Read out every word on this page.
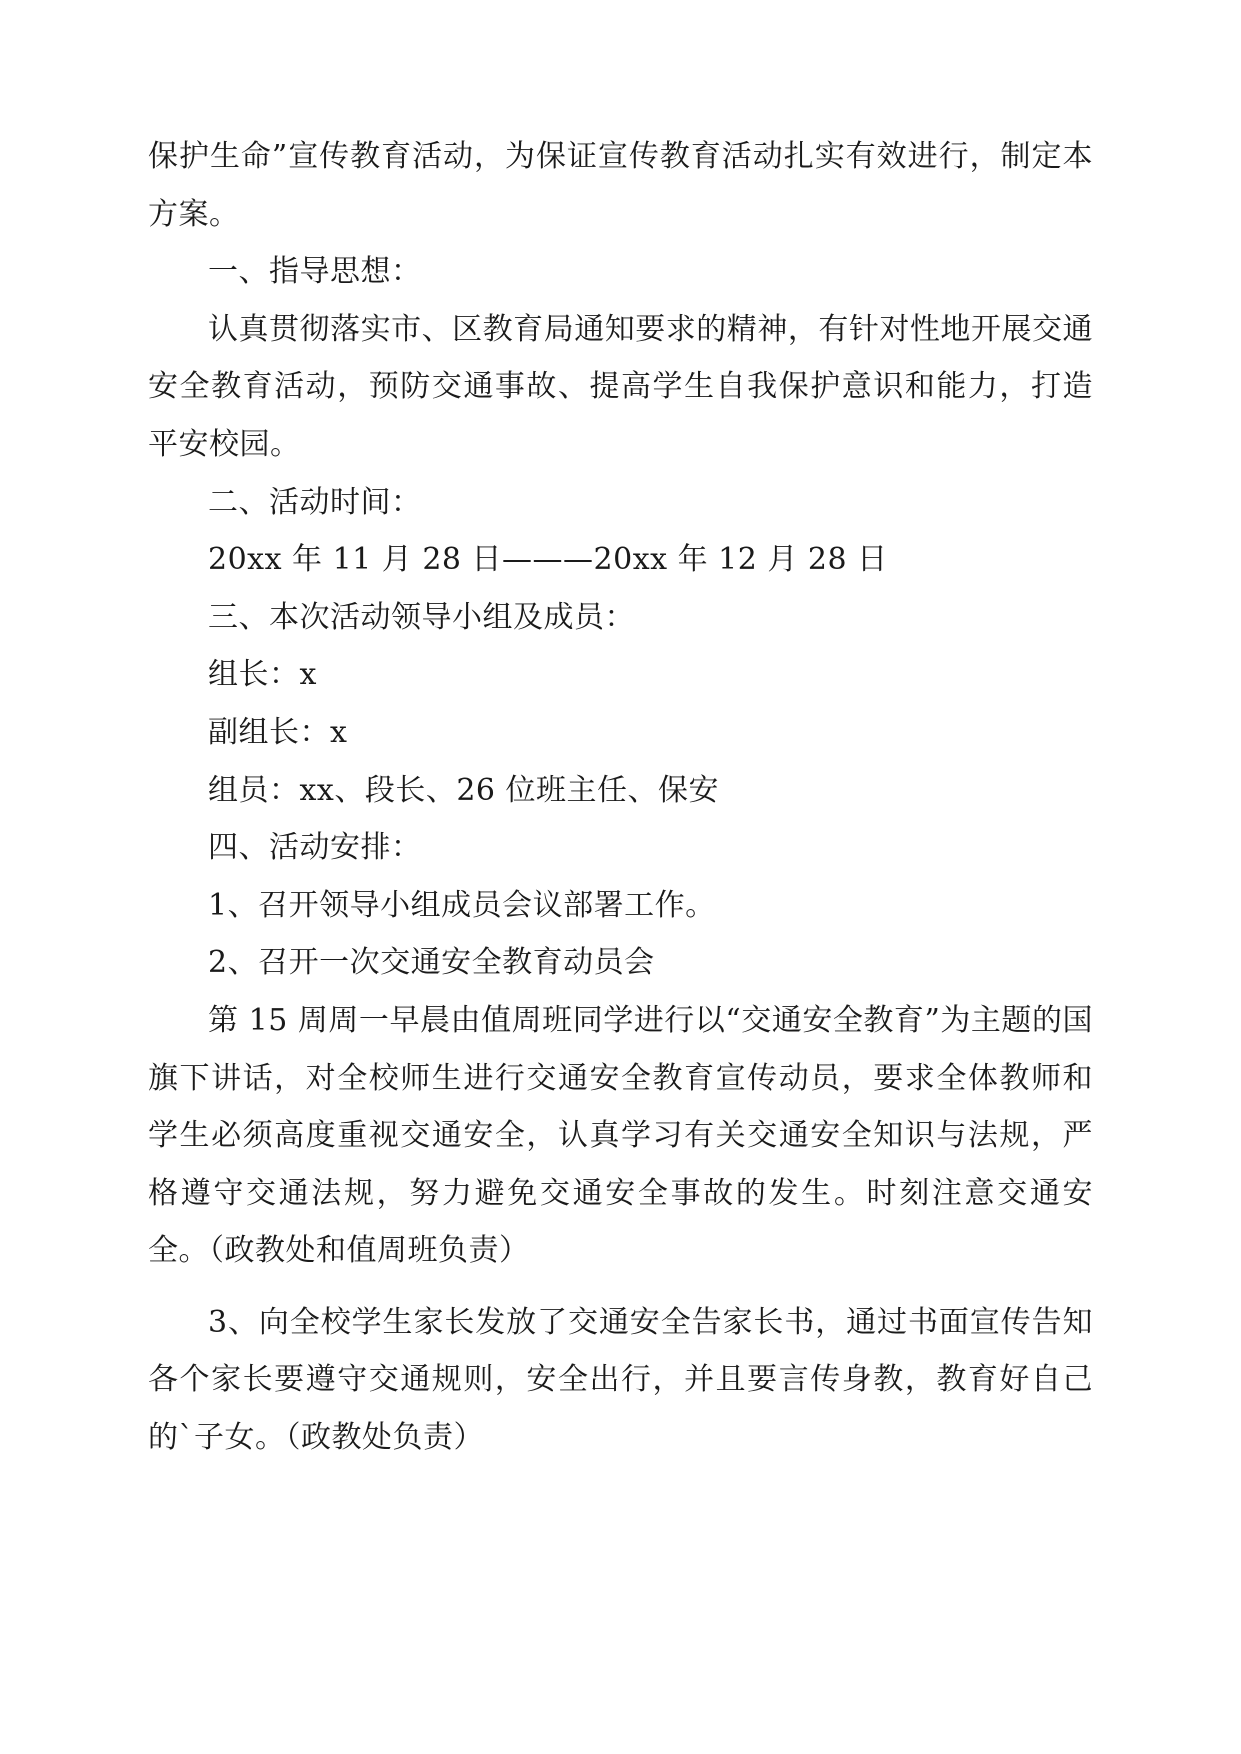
保护生命”宣传教育活动，为保证宣传教育活动扎实有效进行，制定本方案。

一、指导思想：

认真贯彻落实市、区教育局通知要求的精神，有针对性地开展交通安全教育活动，预防交通事故、提高学生自我保护意识和能力，打造平安校园。

二、活动时间：

20xx 年 11 月 28 日———20xx 年 12 月 28 日

三、本次活动领导小组及成员：

组长：x

副组长：x

组员：xx、段长、26 位班主任、保安

四、活动安排：

1、召开领导小组成员会议部署工作。

2、召开一次交通安全教育动员会

第 15 周周一早晨由值周班同学进行以“交通安全教育”为主题的国旗下讲话，对全校师生进行交通安全教育宣传动员，要求全体教师和学生必须高度重视交通安全，认真学习有关交通安全知识与法规，严格遵守交通法规，努力避免交通安全事故的发生。时刻注意交通安全。（政教处和值周班负责）

3、向全校学生家长发放了交通安全告家长书，通过书面宣传告知各个家长要遵守交通规则，安全出行，并且要言传身教，教育好自己的`子女。（政教处负责）
